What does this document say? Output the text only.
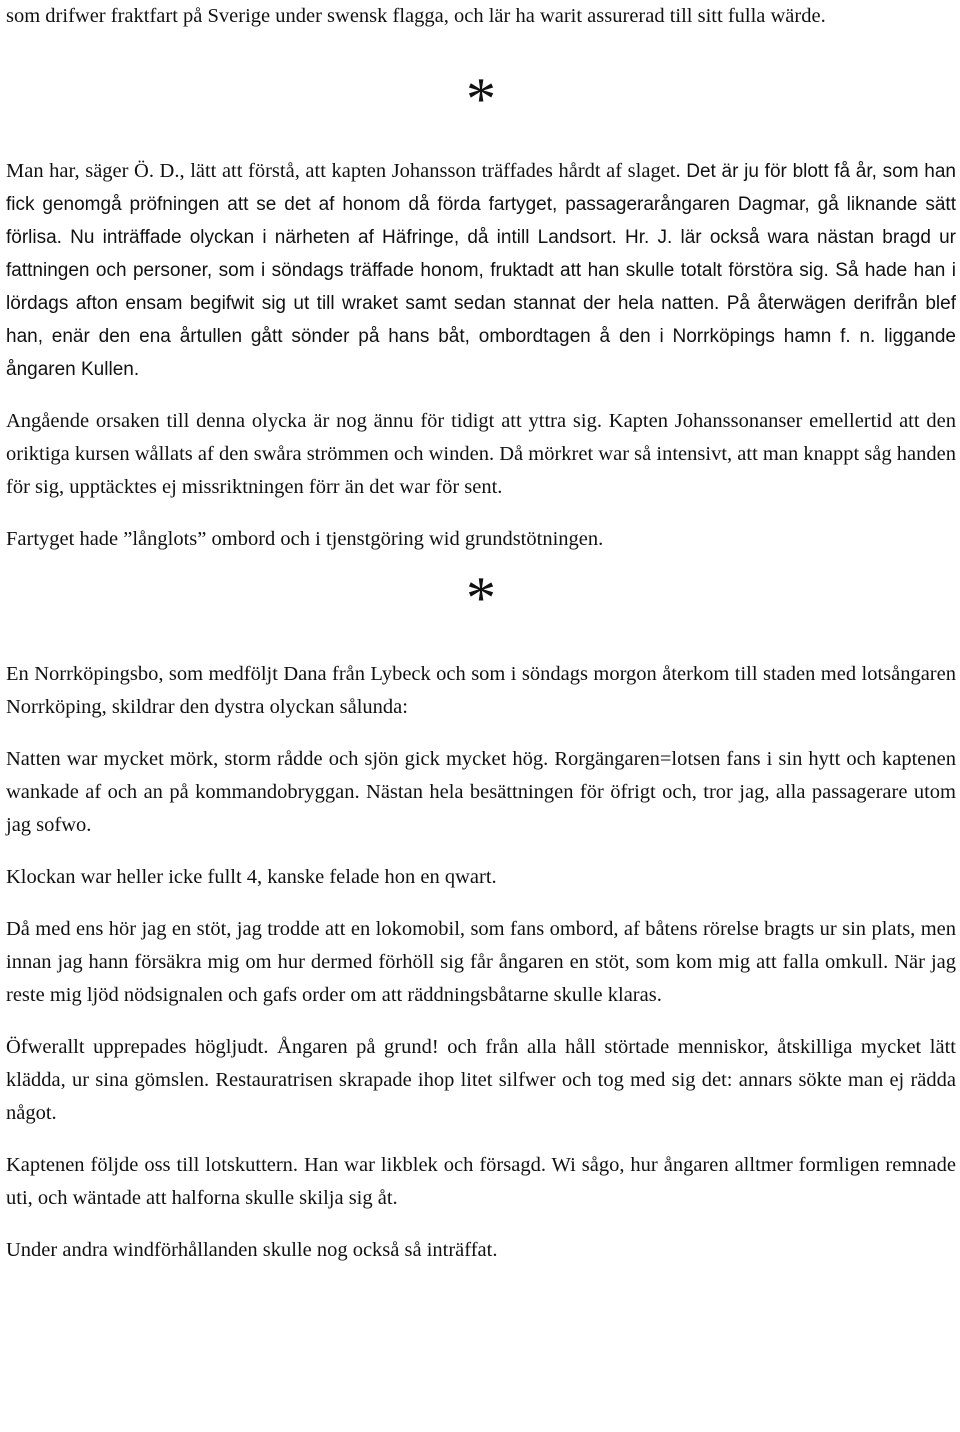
som drifwer fraktfart på Sverige under swensk flagga, och lär ha warit assurerad till sitt fulla wärde.

*

Man har, säger Ö. D., lätt att förstå, att kapten Johansson träffades hårdt af slaget. Det är ju för blott få år, som han fick genomgå pröfningen att se det af honom då förda fartyget, passagerarångaren Dagmar, gå liknande sätt förlisa. Nu inträffade olyckan i närheten af Häfringe, då intill Landsort. Hr. J. lär också wara nästan bragd ur fattningen och personer, som i söndags träffade honom, fruktadt att han skulle totalt förstöra sig. Så hade han i lördags afton ensam begifwit sig ut till wraket samt sedan stannat der hela natten. På återwägen derifrån blef han, enär den ena årtullen gått sönder på hans båt, ombordtagen å den i Norrköpings hamn f. n. liggande ångaren Kullen.

Angående orsaken till denna olycka är nog ännu för tidigt att yttra sig. Kapten Johanssonanser emellertid att den oriktiga kursen wållats af den swåra strömmen och winden. Då mörkret war så intensivt, att man knappt såg handen för sig, upptäcktes ej missriktningen förr än det war för sent.

Fartyget hade ”långlots” ombord och i tjenstgöring wid grundstötningen.

*

En Norrköpingsbo, som medföljt Dana från Lybeck och som i söndags morgon återkom till staden med lotsångaren Norrköping, skildrar den dystra olyckan sålunda:

Natten war mycket mörk, storm rådde och sjön gick mycket hög. Rorgängaren=lotsen fans i sin hytt och kaptenen wankade af och an på kommandobryggan. Nästan hela besättningen för öfrigt och, tror jag, alla passagerare utom jag sofwo.

Klockan war heller icke fullt 4, kanske felade hon en qwart.

Då med ens hör jag en stöt, jag trodde att en lokomobil, som fans ombord, af båtens rörelse bragts ur sin plats, men innan jag hann försäkra mig om hur dermed förhöll sig får ångaren en stöt, som kom mig att falla omkull. När jag reste mig ljöd nödsignalen och gafs order om att räddningsbåtarne skulle klaras.

Öfwerallt upprepades högljudt. Ångaren på grund! och från alla håll störtade menniskor, åtskilliga mycket lätt klädda, ur sina gömslen. Restauratrisen skrapade ihop litet silfwer och tog med sig det: annars sökte man ej rädda något.

Kaptenen följde oss till lotskuttern. Han war likblek och försagd. Wi sågo, hur ångaren alltmer formligen remnade uti, och wäntade att halforna skulle skilja sig åt.

Under andra windförhållanden skulle nog också så inträffat.
